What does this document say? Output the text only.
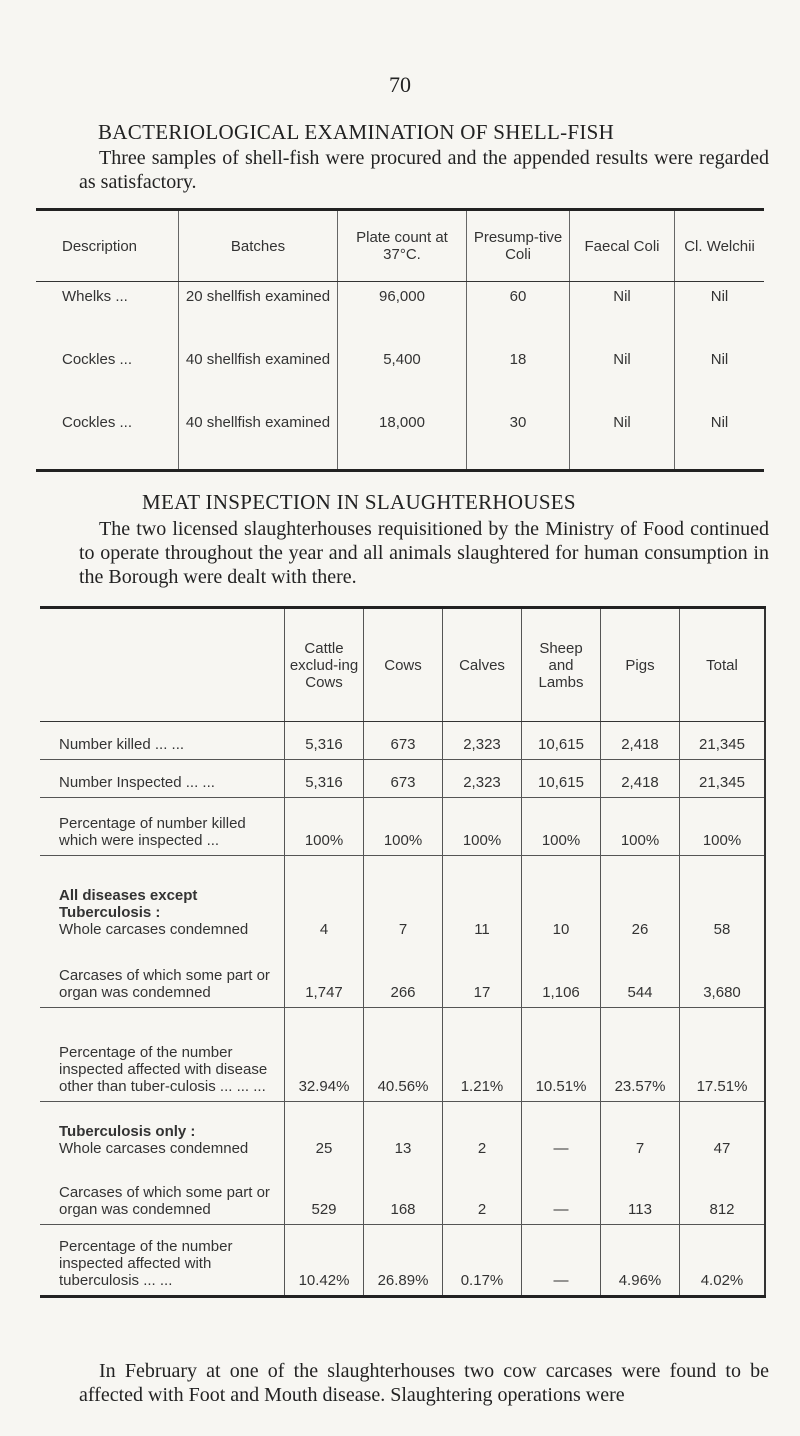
70
BACTERIOLOGICAL EXAMINATION OF SHELL-FISH
Three samples of shell-fish were procured and the appended results were regarded as satisfactory.
Description	Batches	Plate count at 37°C.	Presump-tive Coli	Faecal Coli	Cl. Welchii
Whelks ...	20 shellfish examined	96,000	60	Nil	Nil
Cockles ...	40 shellfish examined	5,400	18	Nil	Nil
Cockles ...	40 shellfish examined	18,000	30	Nil	Nil
MEAT INSPECTION IN SLAUGHTERHOUSES
The two licensed slaughterhouses requisitioned by the Ministry of Food continued to operate throughout the year and all animals slaughtered for human consumption in the Borough were dealt with there.
	Cattle exclud-ing Cows	Cows	Calves	Sheep and Lambs	Pigs	Total
Number killed ... ...	5,316	673	2,323	10,615	2,418	21,345
Number Inspected ... ...	5,316	673	2,323	10,615	2,418	21,345
Percentage of number killed which were inspected ...	100%	100%	100%	100%	100%	100%
All diseases except Tuberculosis :
Whole carcases condemned	4	7	11	10	26	58
Carcases of which some part or organ was condemned	1,747	266	17	1,106	544	3,680
Percentage of the number inspected affected with disease other than tuber-culosis ... ... ...	32.94%	40.56%	1.21%	10.51%	23.57%	17.51%
Tuberculosis only :
Whole carcases condemned	25	13	2	—	7	47
Carcases of which some part or organ was condemned	529	168	2	—	113	812
Percentage of the number inspected affected with tuberculosis ... ...	10.42%	26.89%	0.17%	—	4.96%	4.02%
In February at one of the slaughterhouses two cow carcases were found to be affected with Foot and Mouth disease. Slaughtering operations were
